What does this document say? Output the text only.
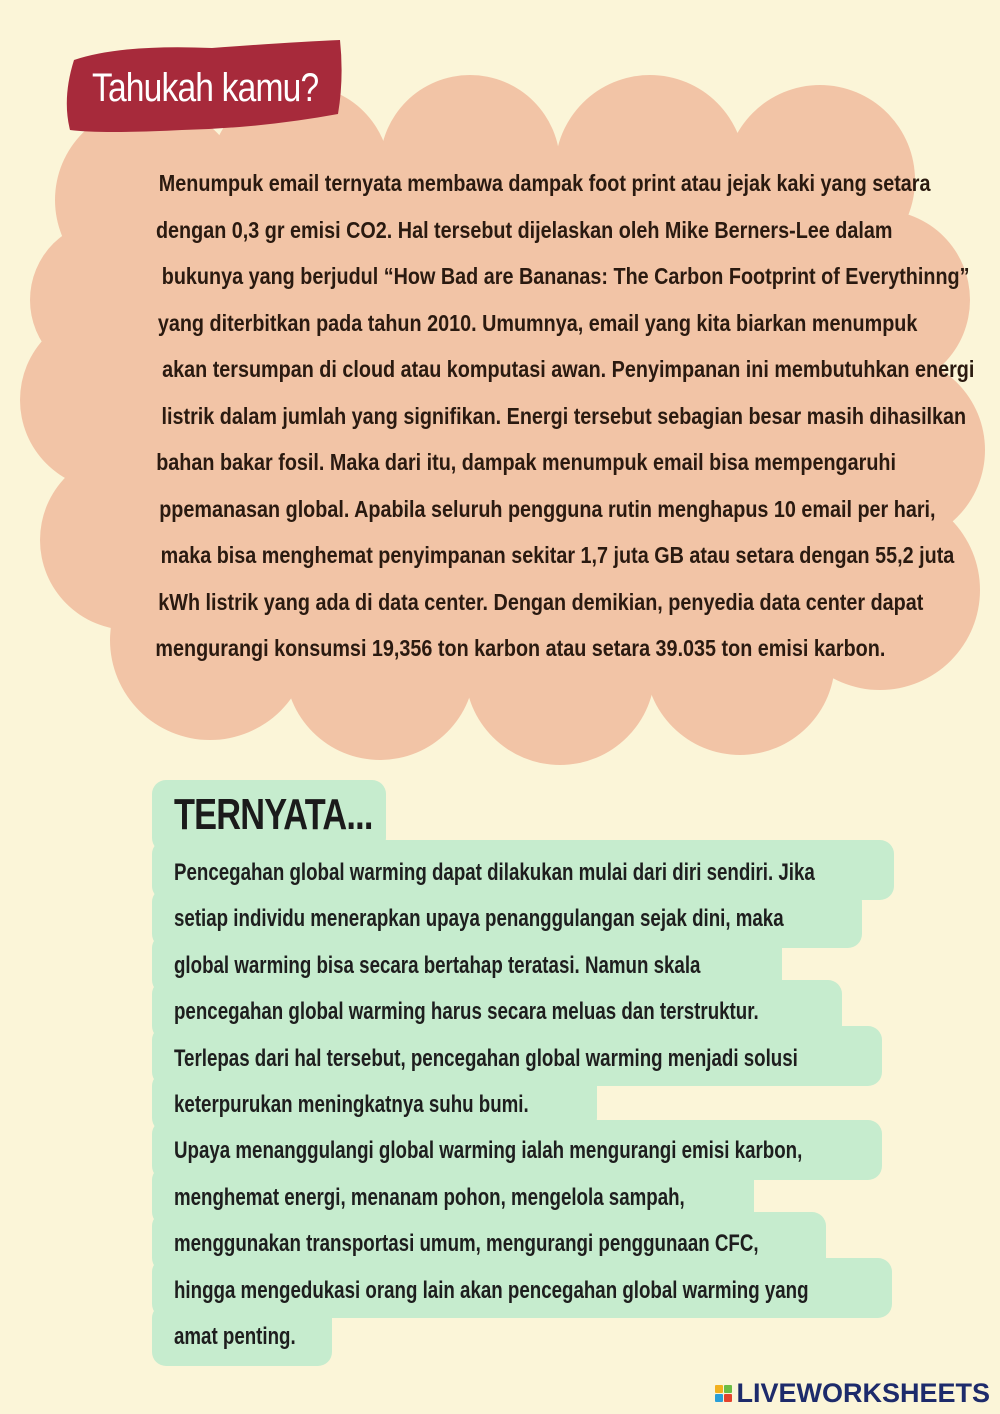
Tahukah kamu?
Menumpuk email ternyata membawa dampak foot print atau jejak kaki yang setara
dengan 0,3 gr emisi CO2. Hal tersebut dijelaskan oleh Mike Berners-Lee dalam
bukunya yang berjudul “How Bad are Bananas: The Carbon Footprint of Everythinng”
yang diterbitkan pada tahun 2010. Umumnya, email yang kita biarkan menumpuk
akan tersumpan di cloud atau komputasi awan. Penyimpanan ini membutuhkan energi
listrik dalam jumlah yang signifikan. Energi tersebut sebagian besar masih dihasilkan
bahan bakar fosil. Maka dari itu, dampak menumpuk email bisa mempengaruhi
ppemanasan global. Apabila seluruh pengguna rutin menghapus 10 email per hari,
maka bisa menghemat penyimpanan sekitar 1,7 juta GB atau setara dengan 55,2 juta
kWh listrik yang ada di data center. Dengan demikian, penyedia data center dapat
mengurangi konsumsi 19,356 ton karbon atau setara 39.035 ton emisi karbon.
TERNYATA...
Pencegahan global warming dapat dilakukan mulai dari diri sendiri. Jika
setiap individu menerapkan upaya penanggulangan sejak dini, maka
global warming bisa secara bertahap teratasi. Namun skala
pencegahan global warming harus secara meluas dan terstruktur.
Terlepas dari hal tersebut, pencegahan global warming menjadi solusi
keterpurukan meningkatnya suhu bumi.
Upaya menanggulangi global warming ialah mengurangi emisi karbon,
menghemat energi, menanam pohon, mengelola sampah,
menggunakan transportasi umum, mengurangi penggunaan CFC,
hingga mengedukasi orang lain akan pencegahan global warming yang
amat penting.
LIVEWORKSHEETS
